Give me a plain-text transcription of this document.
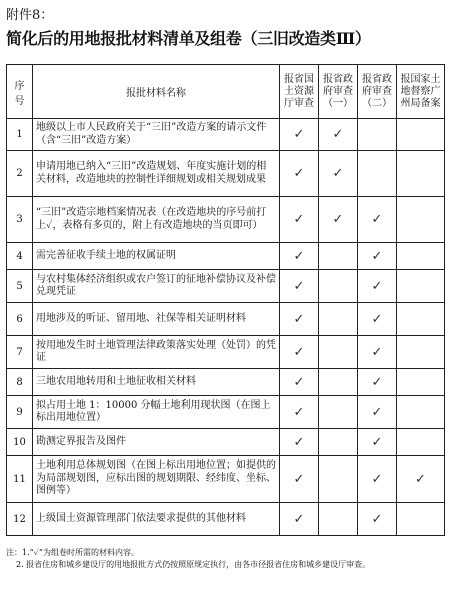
附件8：
简化后的用地报批材料清单及组卷（三旧改造类Ⅲ）
序号	报批材料名称	报省国土资源厅审查	报省政府审查（一）	报省政府审查（二）	报国家土地督察广州局备案
1	地级以上市人民政府关于“三旧”改造方案的请示文件（含“三旧”改造方案）	✓	✓		
2	申请用地已纳入“三旧”改造规划、年度实施计划的相关材料，改造地块的控制性详细规划或相关规划成果	✓	✓		
3	“三旧”改造宗地档案情况表（在改造地块的序号前打上✓，表格有多页的，附上有改造地块的当页即可）	✓	✓	✓	
4	需完善征收手续土地的权属证明	✓		✓	
5	与农村集体经济组织或农户签订的征地补偿协议及补偿兑现凭证	✓		✓	
6	用地涉及的听证、留用地、社保等相关证明材料	✓		✓	
7	按用地发生时土地管理法律政策落实处理（处罚）的凭证	✓		✓	
8	三地农用地转用和土地征收相关材料	✓		✓	
9	拟占用土地 1：10000 分幅土地利用现状图（在图上标出用地位置）	✓		✓	
10	勘测定界报告及图件	✓		✓	
11	土地利用总体规划图（在图上标出用地位置；如提供的为局部规划图，应标出图的规划期限、经纬度、坐标、图例等）	✓		✓	✓
12	上级国土资源管理部门依法要求提供的其他材料	✓		✓	
注：1.“✓”为组卷时所需的材料内容。
2. 报省住房和城乡建设厅的用地报批方式仍按照原规定执行，由各市径报省住房和城乡建设厅审查。
